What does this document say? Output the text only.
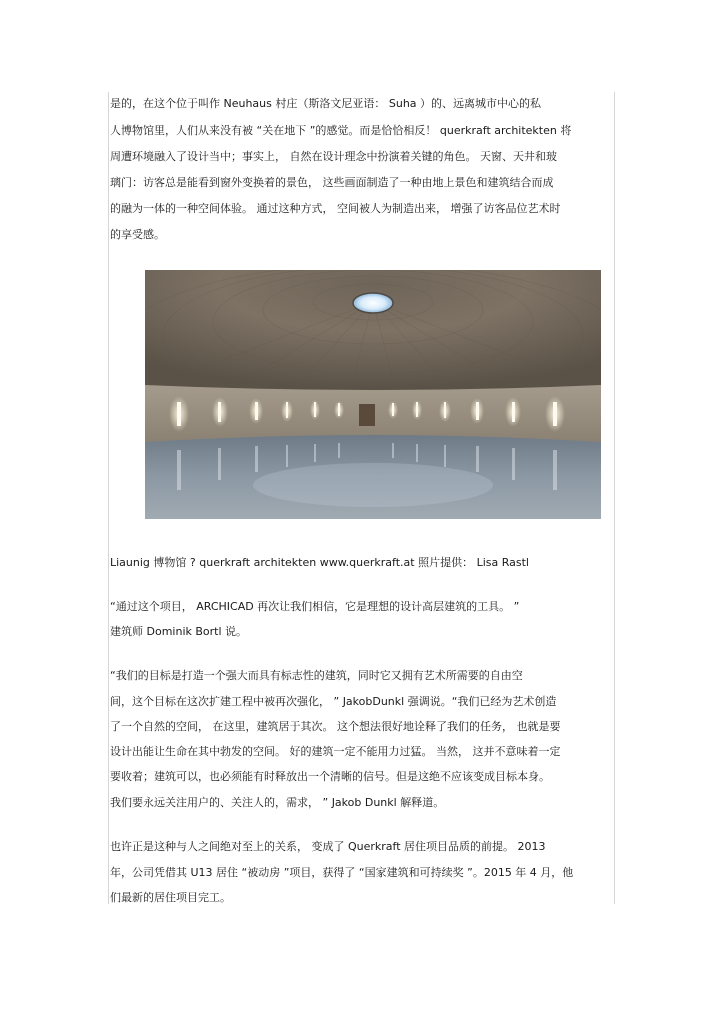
是的，在这个位于叫作 Neuhaus 村庄（斯洛文尼亚语： Suha ）的、远离城市中心的私
人博物馆里，人们从来没有被 “关在地下 ”的感觉。而是恰恰相反！ querkraft architekten 将
周遭环境融入了设计当中；事实上， 自然在设计理念中扮演着关键的角色。 天窗、天井和玻
璃门：访客总是能看到窗外变换着的景色， 这些画面制造了一种由地上景色和建筑结合而成
的融为一体的一种空间体验。 通过这种方式， 空间被人为制造出来， 增强了访客品位艺术时
的享受感。
Liaunig 博物馆 ? querkraft architekten www.querkraft.at 照片提供： Lisa Rastl
“通过这个项目， ARCHICAD 再次让我们相信，它是理想的设计高层建筑的工具。 ”
建筑师 Dominik Bortl 说。
“我们的目标是打造一个强大而具有标志性的建筑，同时它又拥有艺术所需要的自由空
间，这个目标在这次扩建工程中被再次强化， ” JakobDunkl 强调说。“我们已经为艺术创造
了一个自然的空间， 在这里，建筑居于其次。 这个想法很好地诠释了我们的任务， 也就是要
设计出能让生命在其中勃发的空间。 好的建筑一定不能用力过猛。 当然， 这并不意味着一定
要收着；建筑可以，也必须能有时释放出一个清晰的信号。但是这绝不应该变成目标本身。
我们要永远关注用户的、关注人的，需求， ” Jakob Dunkl 解释道。
也许正是这种与人之间绝对至上的关系， 变成了 Querkraft 居住项目品质的前提。 2013
年，公司凭借其 U13 居住 “被动房 ”项目，获得了 “国家建筑和可持续奖 ”。2015 年 4 月，他
们最新的居住项目完工。
